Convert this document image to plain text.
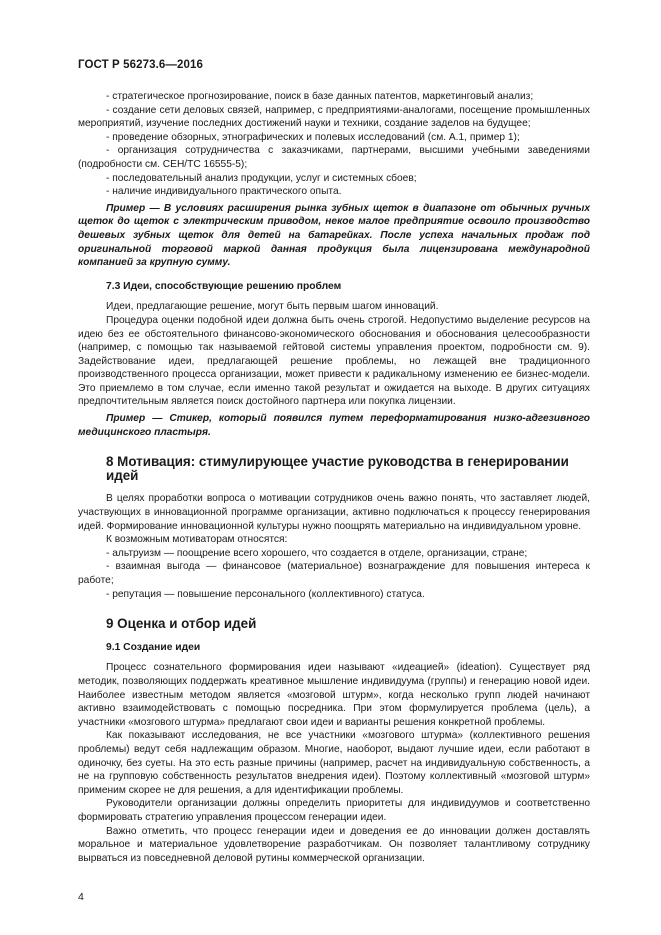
ГОСТ Р 56273.6—2016

- стратегическое прогнозирование, поиск в базе данных патентов, маркетинговый анализ;

- создание сети деловых связей, например, с предприятиями-аналогами, посещение промышленных мероприятий, изучение последних достижений науки и техники, создание заделов на будущее;

- проведение обзорных, этнографических и полевых исследований (см. А.1, пример 1);

- организация сотрудничества с заказчиками, партнерами, высшими учебными заведениями (подробности см. CEH/TC 16555-5);

- последовательный анализ продукции, услуг и системных сбоев;

- наличие индивидуального практического опыта.

Пример — В условиях расширения рынка зубных щеток в диапазоне от обычных ручных щеток до щеток с электрическим приводом, некое малое предприятие освоило производство дешевых зубных щеток для детей на батарейках. После успеха начальных продаж под оригинальной торговой маркой данная продукция была лицензирована международной компанией за крупную сумму.

7.3 Идеи, способствующие решению проблем

Идеи, предлагающие решение, могут быть первым шагом инноваций.

Процедура оценки подобной идеи должна быть очень строгой. Недопустимо выделение ресурсов на идею без ее обстоятельного финансово-экономического обоснования и обоснования целесообразности (например, с помощью так называемой гейтовой системы управления проектом, подробности см. 9). Задействование идеи, предлагающей решение проблемы, но лежащей вне традиционного производственного процесса организации, может привести к радикальному изменению ее бизнес-модели. Это приемлемо в том случае, если именно такой результат и ожидается на выходе. В других ситуациях предпочтительным является поиск достойного партнера или покупка лицензии.

Пример — Стикер, который появился путем переформатирования низко-адгезивного медицинского пластыря.

8 Мотивация: стимулирующее участие руководства в генерировании идей

В целях проработки вопроса о мотивации сотрудников очень важно понять, что заставляет людей, участвующих в инновационной программе организации, активно подключаться к процессу генерирования идей. Формирование инновационной культуры нужно поощрять материально на индивидуальном уровне.

К возможным мотиваторам относятся:

- альтруизм — поощрение всего хорошего, что создается в отделе, организации, стране;

- взаимная выгода — финансовое (материальное) вознаграждение для повышения интереса к работе;

- репутация — повышение персонального (коллективного) статуса.

9 Оценка и отбор идей
9.1 Создание идеи

Процесс сознательного формирования идеи называют «идеацией» (ideation). Существует ряд методик, позволяющих поддержать креативное мышление индивидуума (группы) и генерацию новой идеи. Наиболее известным методом является «мозговой штурм», когда несколько групп людей начинают активно взаимодействовать с помощью посредника. При этом формулируется проблема (цель), а участники «мозгового штурма» предлагают свои идеи и варианты решения конкретной проблемы.

Как показывают исследования, не все участники «мозгового штурма» (коллективного решения проблемы) ведут себя надлежащим образом. Многие, наоборот, выдают лучшие идеи, если работают в одиночку, без суеты. На это есть разные причины (например, расчет на индивидуальную собственность, а не на групповую собственность результатов внедрения идеи). Поэтому коллективный «мозговой штурм» применим скорее не для решения, а для идентификации проблемы.

Руководители организации должны определить приоритеты для индивидуумов и соответственно формировать стратегию управления процессом генерации идеи.

Важно отметить, что процесс генерации идеи и доведения ее до инновации должен доставлять моральное и материальное удовлетворение разработчикам. Он позволяет талантливому сотруднику вырваться из повседневной деловой рутины коммерческой организации.

4
